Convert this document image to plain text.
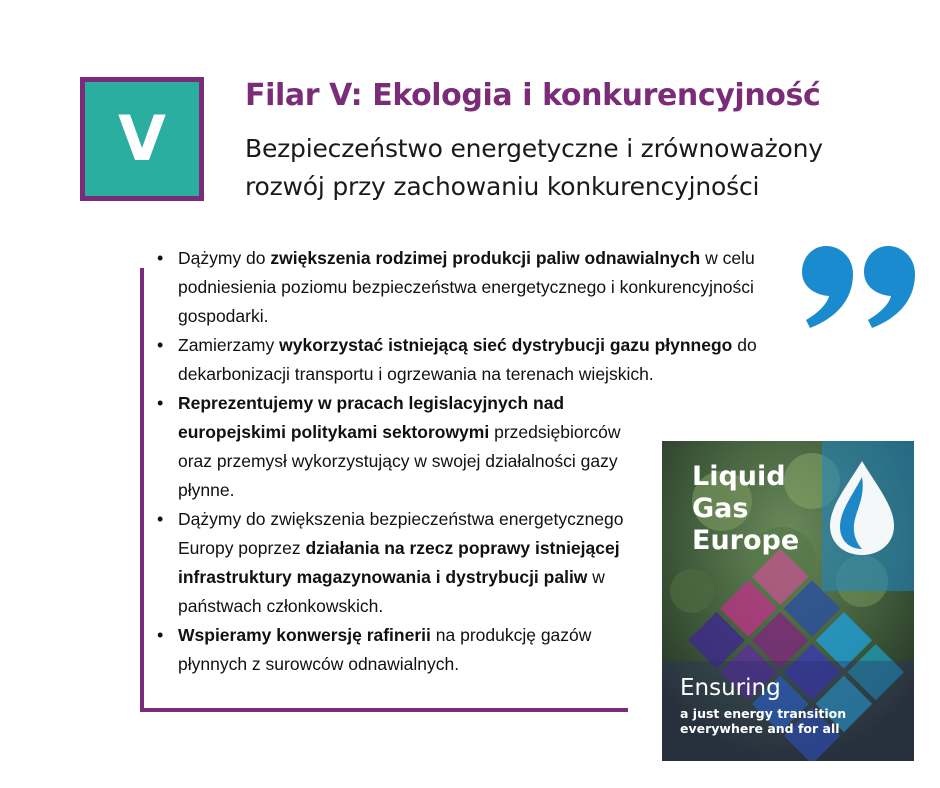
V
Filar V: Ekologia i konkurencyjność

Bezpieczeństwo energetyczne i zrównoważony rozwój przy zachowaniu konkurencyjności

• Dążymy do zwiększenia rodzimej produkcji paliw odnawialnych w celu podniesienia poziomu bezpieczeństwa energetycznego i konkurencyjności gospodarki.
• Zamierzamy wykorzystać istniejącą sieć dystrybucji gazu płynnego do dekarbonizacji transportu i ogrzewania na terenach wiejskich.
• Reprezentujemy w pracach legislacyjnych nad europejskimi politykami sektorowymi przedsiębiorców oraz przemysł wykorzystujący w swojej działalności gazy płynne.
• Dążymy do zwiększenia bezpieczeństwa energetycznego Europy poprzez działania na rzecz poprawy istniejącej infrastruktury magazynowania i dystrybucji paliw w państwach członkowskich.
• Wspieramy konwersję rafinerii na produkcję gazów płynnych z surowców odnawialnych.
Liquid
Gas
Europe
Ensuring
a just energy transition
everywhere and for all
